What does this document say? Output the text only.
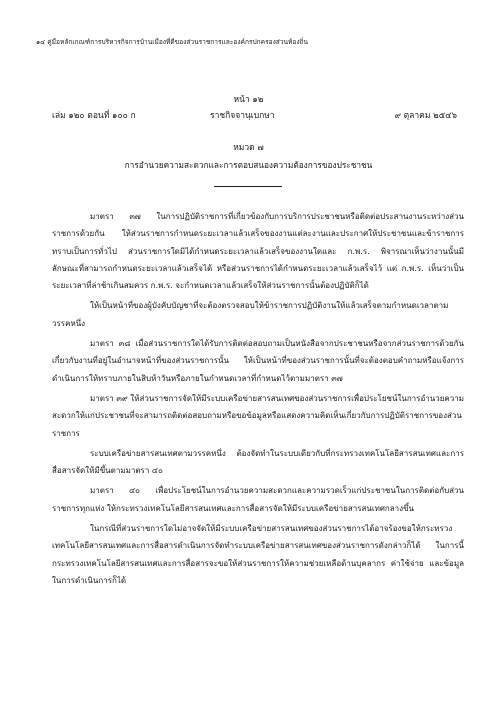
๑๔ คู่มือหลักเกณฑ์การบริหารกิจการบ้านเมืองที่ดีของส่วนราชการและองค์กรปกครองส่วนท้องถิ่น
หน้า ๑๒
เล่ม ๑๒๐ ตอนที่ ๑๐๐ ก	ราชกิจจานุเบกษา	๙ ตุลาคม ๒๕๔๖
หมวด ๗
การอำนวยความสะดวกและการตอบสนองความต้องการของประชาชน

มาตรา ๓๗ ในการปฏิบัติราชการที่เกี่ยวข้องกับการบริการประชาชนหรือติดต่อประสานงานระหว่างส่วนราชการด้วยกัน ให้ส่วนราชการกำหนดระยะเวลาแล้วเสร็จของงานแต่ละงานและประกาศให้ประชาชนและข้าราชการทราบเป็นการทั่วไป ส่วนราชการใดมิได้กำหนดระยะเวลาแล้วเสร็จของงานใดและ ก.พ.ร. พิจารณาเห็นว่างานนั้นมีลักษณะที่สามารถกำหนดระยะเวลาแล้วเสร็จได้ หรือส่วนราชการได้กำหนดระยะเวลาแล้วเสร็จไว้ แต่ ก.พ.ร. เห็นว่าเป็นระยะเวลาที่ล่าช้าเกินสมควร ก.พ.ร. จะกำหนดเวลาแล้วเสร็จให้ส่วนราชการนั้นต้องปฏิบัติก็ได้

ให้เป็นหน้าที่ของผู้บังคับบัญชาที่จะต้องตรวจสอบให้ข้าราชการปฏิบัติงานให้แล้วเสร็จตามกำหนดเวลาตามวรรคหนึ่ง

มาตรา ๓๘ เมื่อส่วนราชการใดได้รับการติดต่อสอบถามเป็นหนังสือจากประชาชนหรือจากส่วนราชการด้วยกันเกี่ยวกับงานที่อยู่ในอำนาจหน้าที่ของส่วนราชการนั้น ให้เป็นหน้าที่ของส่วนราชการนั้นที่จะต้องตอบคำถามหรือแจ้งการดำเนินการให้ทราบภายในสิบห้าวันหรือภายในกำหนดเวลาที่กำหนดไว้ตามมาตรา ๓๗

มาตรา ๓๙ ให้ส่วนราชการจัดให้มีระบบเครือข่ายสารสนเทศของส่วนราชการเพื่อประโยชน์ในการอำนวยความสะดวกให้แก่ประชาชนที่จะสามารถติดต่อสอบถามหรือขอข้อมูลหรือแสดงความคิดเห็นเกี่ยวกับการปฏิบัติราชการของส่วนราชการ

ระบบเครือข่ายสารสนเทศตามวรรคหนึ่ง ต้องจัดทำในระบบเดียวกับที่กระทรวงเทคโนโลยีสารสนเทศและการสื่อสารจัดให้มีขึ้นตามมาตรา ๔๐

มาตรา ๔๐ เพื่อประโยชน์ในการอำนวยความสะดวกและความรวดเร็วแก่ประชาชนในการติดต่อกับส่วนราชการทุกแห่ง ให้กระทรวงเทคโนโลยีสารสนเทศและการสื่อสารจัดให้มีระบบเครือข่ายสารสนเทศกลางขึ้น

ในกรณีที่ส่วนราชการใดไม่อาจจัดให้มีระบบเครือข่ายสารสนเทศของส่วนราชการได้อาจร้องขอให้กระทรวงเทคโนโลยีสารสนเทศและการสื่อสารดำเนินการจัดทำระบบเครือข่ายสารสนเทศของส่วนราชการดังกล่าวก็ได้ ในการนี้กระทรวงเทคโนโลยีสารสนเทศและการสื่อสารจะขอให้ส่วนราชการให้ความช่วยเหลือด้านบุคลากร ค่าใช้จ่าย และข้อมูลในการดำเนินการก็ได้
